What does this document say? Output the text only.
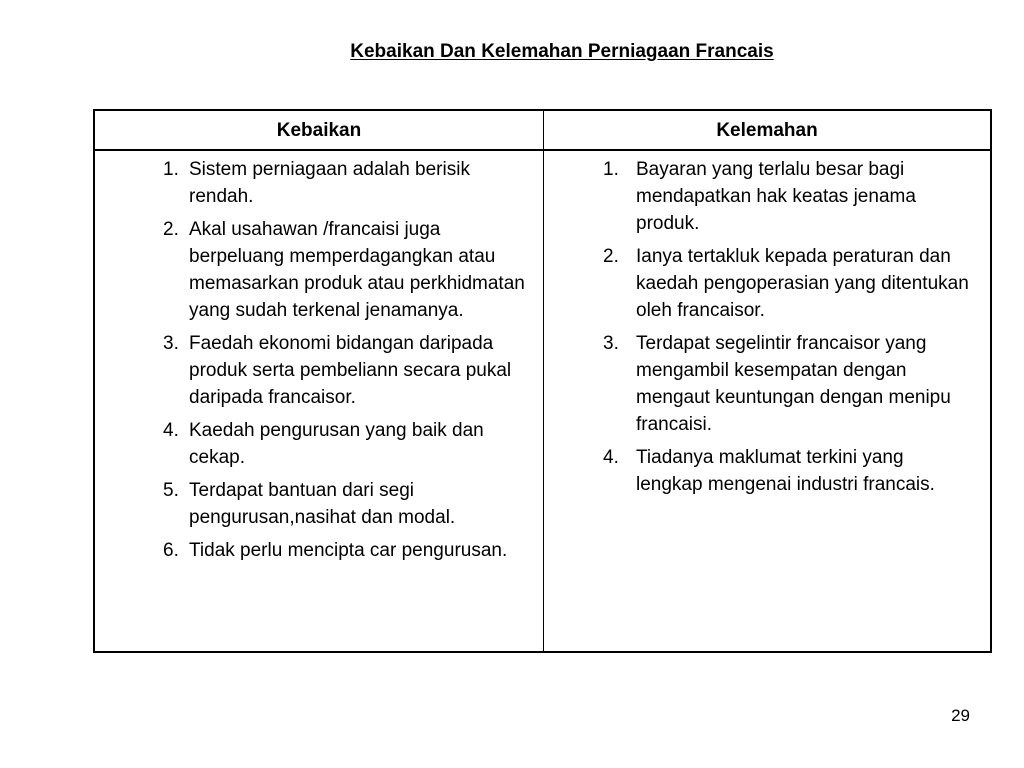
Kebaikan Dan Kelemahan Perniagaan Francais
Kebaikan	Kelemahan
1. Sistem perniagaan adalah berisik rendah.
2. Akal usahawan /francaisi juga berpeluang memperdagangkan atau memasarkan produk atau perkhidmatan yang sudah terkenal jenamanya.
3. Faedah ekonomi bidangan daripada produk serta pembeliann secara pukal daripada francaisor.
4. Kaedah pengurusan yang baik dan cekap.
5. Terdapat bantuan dari segi pengurusan,nasihat dan modal.
6. Tidak perlu mencipta car pengurusan.
1. Bayaran yang terlalu besar bagi mendapatkan hak keatas jenama produk.
2. Ianya tertakluk kepada peraturan dan kaedah pengoperasian yang ditentukan oleh francaisor.
3. Terdapat segelintir francaisor yang mengambil kesempatan dengan mengaut keuntungan dengan menipu francaisi.
4. Tiadanya maklumat terkini yang lengkap mengenai industri francais.
29
